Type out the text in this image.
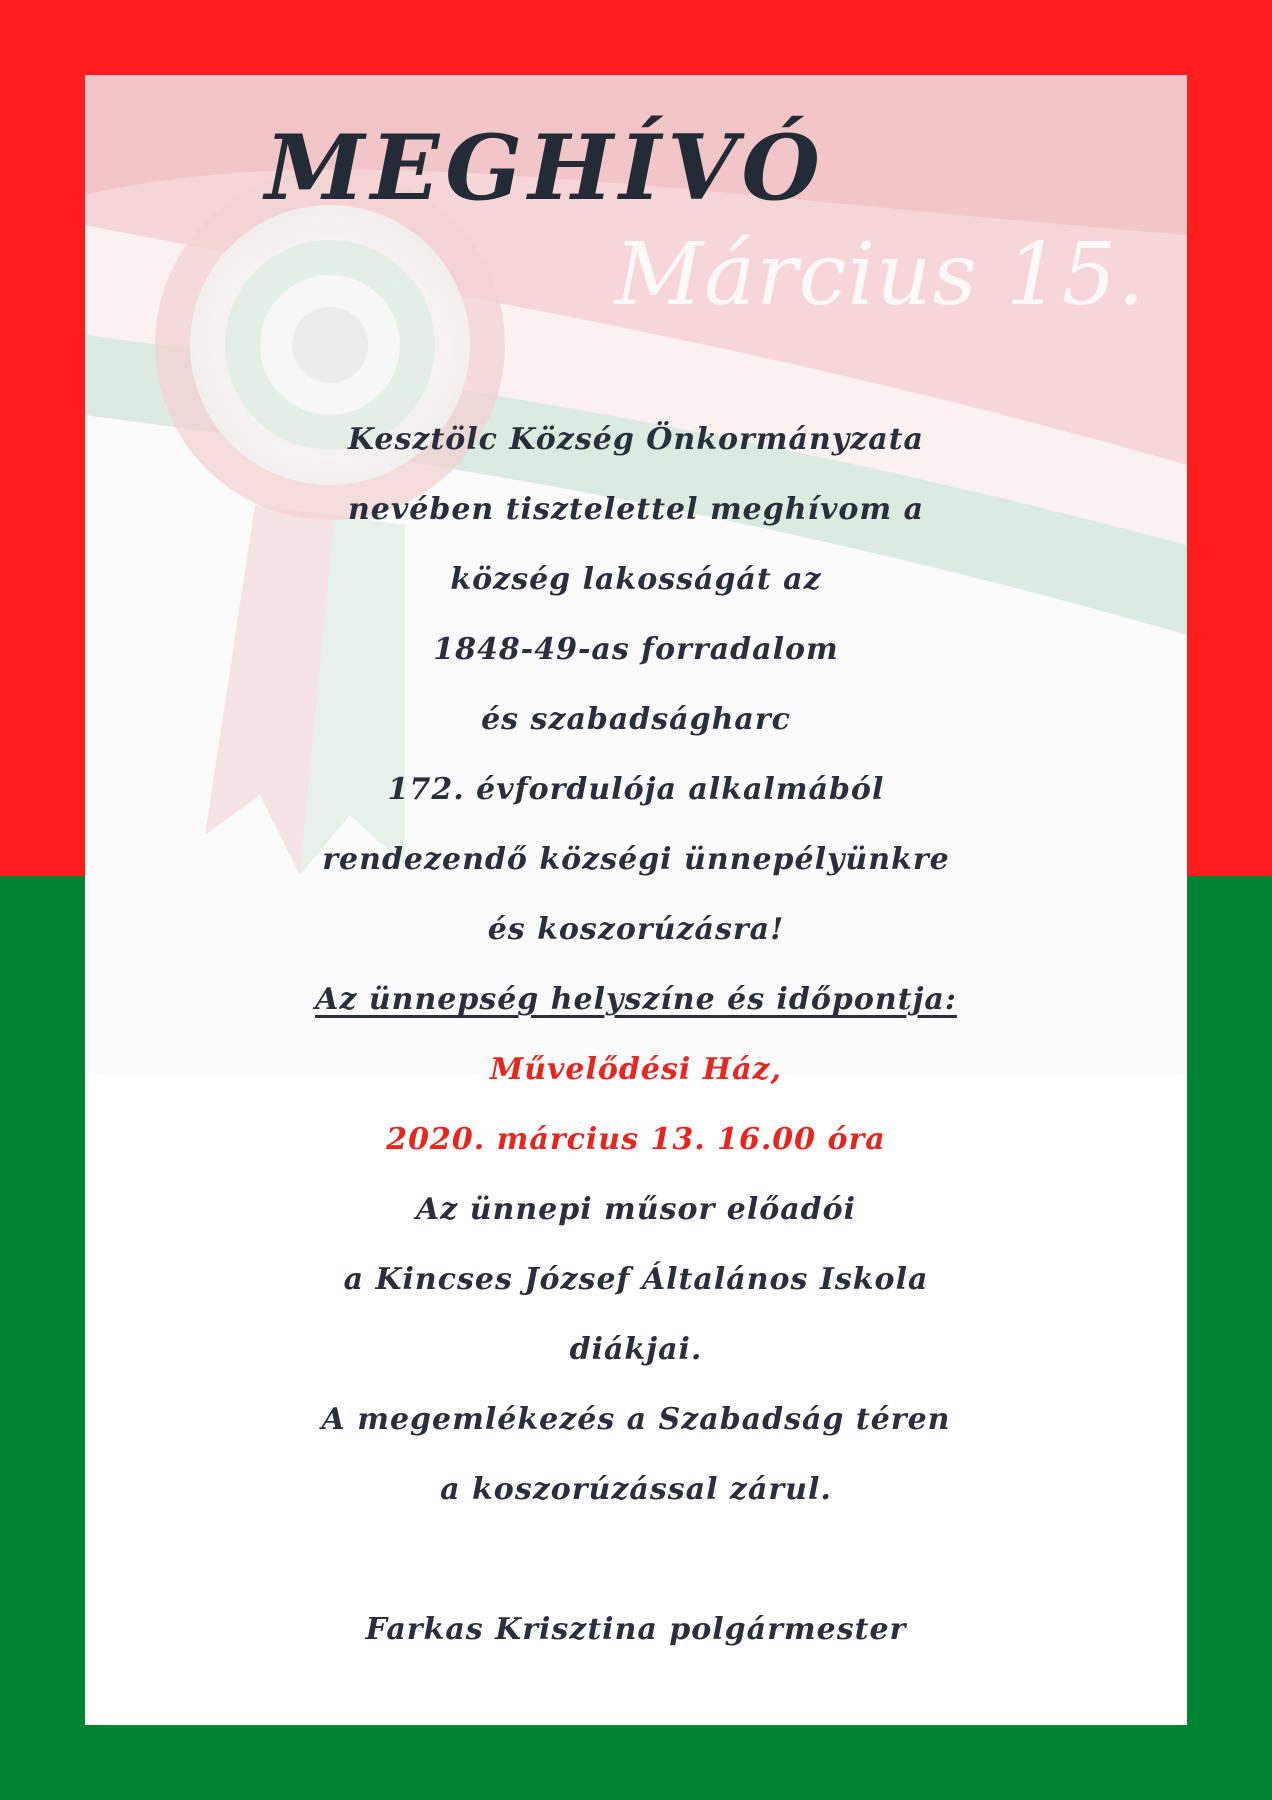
Március 15.
MEGHÍVÓ
Kesztölc Község Önkormányzata
nevében tisztelettel meghívom a
község lakosságát az
1848-49-as forradalom
és szabadságharc
172. évfordulója alkalmából
rendezendő községi ünnepélyünkre
és koszorúzásra!
Az ünnepség helyszíne és időpontja:
Művelődési Ház,
2020. március 13. 16.00 óra
Az ünnepi műsor előadói
a Kincses József Általános Iskola
diákjai.
A megemlékezés a Szabadság téren
a koszorúzással zárul.
Farkas Krisztina polgármester
